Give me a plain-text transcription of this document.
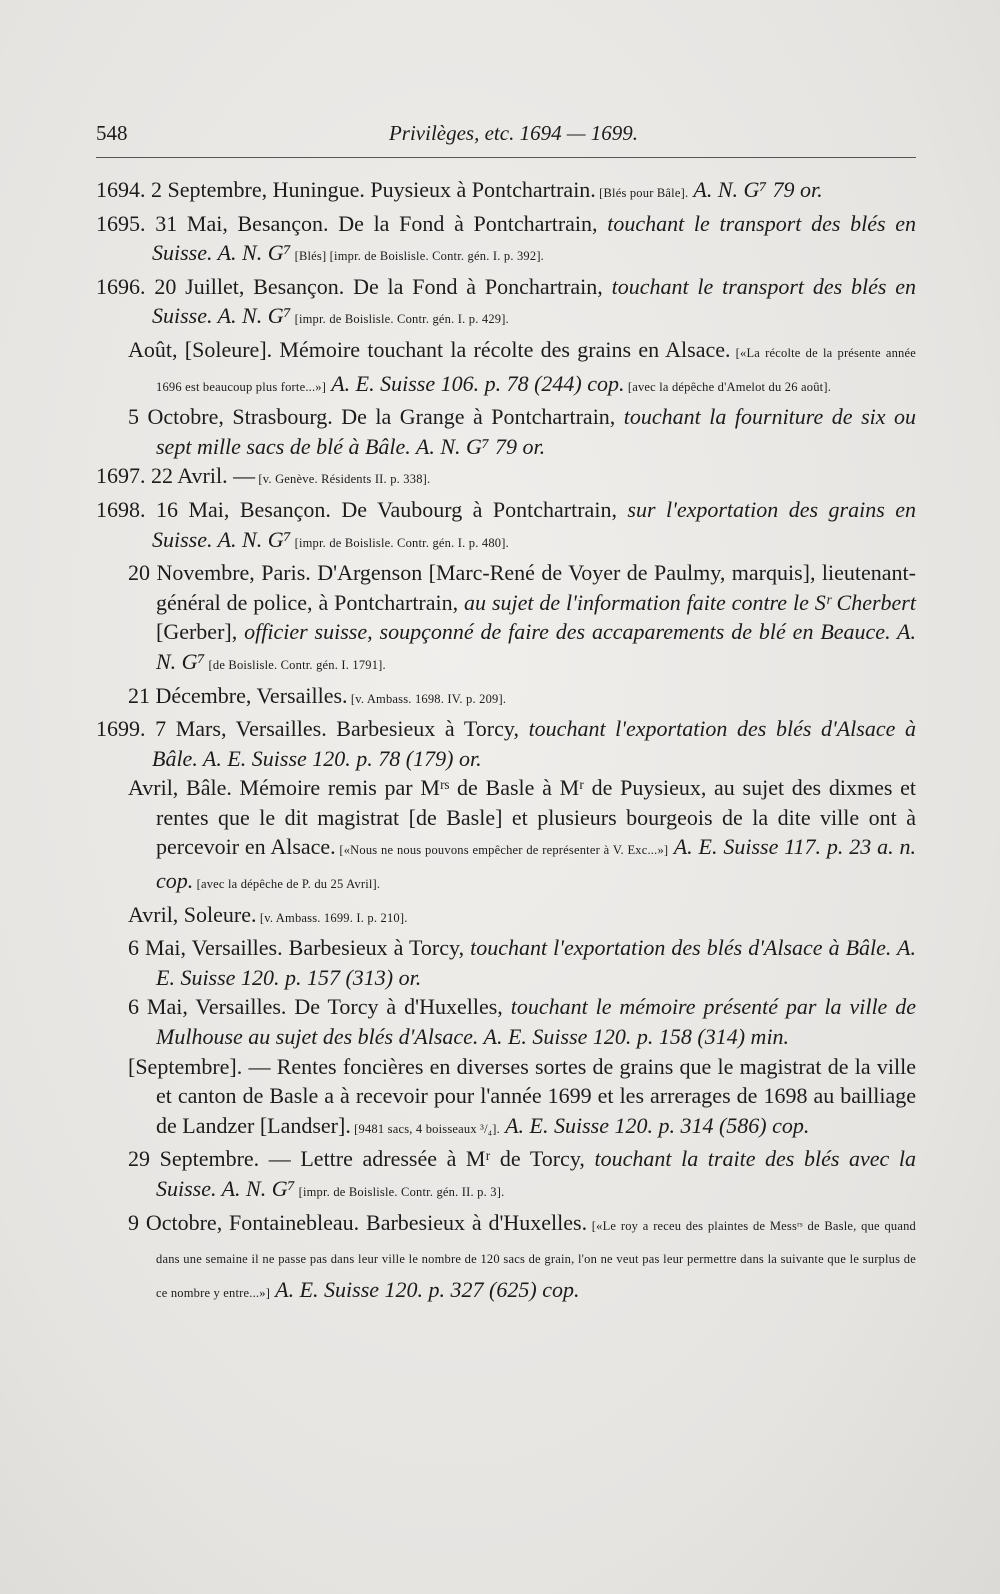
548	Privilèges, etc. 1694 — 1699.

1694. 2 Septembre, Huningue. Puysieux à Pontchartrain. [Blés pour Bâle]. A. N. G⁷ 79 or.

1695. 31 Mai, Besançon. De la Fond à Pontchartrain, touchant le transport des blés en Suisse. A. N. G⁷ [Blés] [impr. de Boislisle. Contr. gén. I. p. 392].

1696. 20 Juillet, Besançon. De la Fond à Ponchartrain, touchant le transport des blés en Suisse. A. N. G⁷ [impr. de Boislisle. Contr. gén. I. p. 429].

Août, [Soleure]. Mémoire touchant la récolte des grains en Alsace. [«La récolte de la présente année 1696 est beaucoup plus forte...»] A. E. Suisse 106. p. 78 (244) cop. [avec la dépêche d'Amelot du 26 août].

5 Octobre, Strasbourg. De la Grange à Pontchartrain, touchant la fourniture de six ou sept mille sacs de blé à Bâle. A. N. G⁷ 79 or.

1697. 22 Avril. — [v. Genève. Résidents II. p. 338].

1698. 16 Mai, Besançon. De Vaubourg à Pontchartrain, sur l'exportation des grains en Suisse. A. N. G⁷ [impr. de Boislisle. Contr. gén. I. p. 480].

20 Novembre, Paris. D'Argenson [Marc-René de Voyer de Paulmy, marquis], lieutenant-général de police, à Pontchartrain, au sujet de l'information faite contre le Sʳ Cherbert [Gerber], officier suisse, soupçonné de faire des accaparements de blé en Beauce. A. N. G⁷ [de Boislisle. Contr. gén. I. 1791].

21 Décembre, Versailles. [v. Ambass. 1698. IV. p. 209].

1699. 7 Mars, Versailles. Barbesieux à Torcy, touchant l'exportation des blés d'Alsace à Bâle. A. E. Suisse 120. p. 78 (179) or.

Avril, Bâle. Mémoire remis par Mʳˢ de Basle à Mʳ de Puysieux, au sujet des dixmes et rentes que le dit magistrat [de Basle] et plusieurs bourgeois de la dite ville ont à percevoir en Alsace. [«Nous ne nous pouvons empêcher de représenter à V. Exc...»] A. E. Suisse 117. p. 23 a. n. cop. [avec la dépêche de P. du 25 Avril].

Avril, Soleure. [v. Ambass. 1699. I. p. 210].

6 Mai, Versailles. Barbesieux à Torcy, touchant l'exportation des blés d'Alsace à Bâle. A. E. Suisse 120. p. 157 (313) or.

6 Mai, Versailles. De Torcy à d'Huxelles, touchant le mémoire présenté par la ville de Mulhouse au sujet des blés d'Alsace. A. E. Suisse 120. p. 158 (314) min.

[Septembre]. — Rentes foncières en diverses sortes de grains que le magistrat de la ville et canton de Basle a à recevoir pour l'année 1699 et les arrerages de 1698 au bailliage de Landzer [Landser]. [9481 sacs, 4 boisseaux ³/₄]. A. E. Suisse 120. p. 314 (586) cop.

29 Septembre. — Lettre adressée à Mʳ de Torcy, touchant la traite des blés avec la Suisse. A. N. G⁷ [impr. de Boislisle. Contr. gén. II. p. 3].

9 Octobre, Fontainebleau. Barbesieux à d'Huxelles. [«Le roy a receu des plaintes de Messʳˢ de Basle, que quand dans une semaine il ne passe pas dans leur ville le nombre de 120 sacs de grain, l'on ne veut pas leur permettre dans la suivante que le surplus de ce nombre y entre...»] A. E. Suisse 120. p. 327 (625) cop.
